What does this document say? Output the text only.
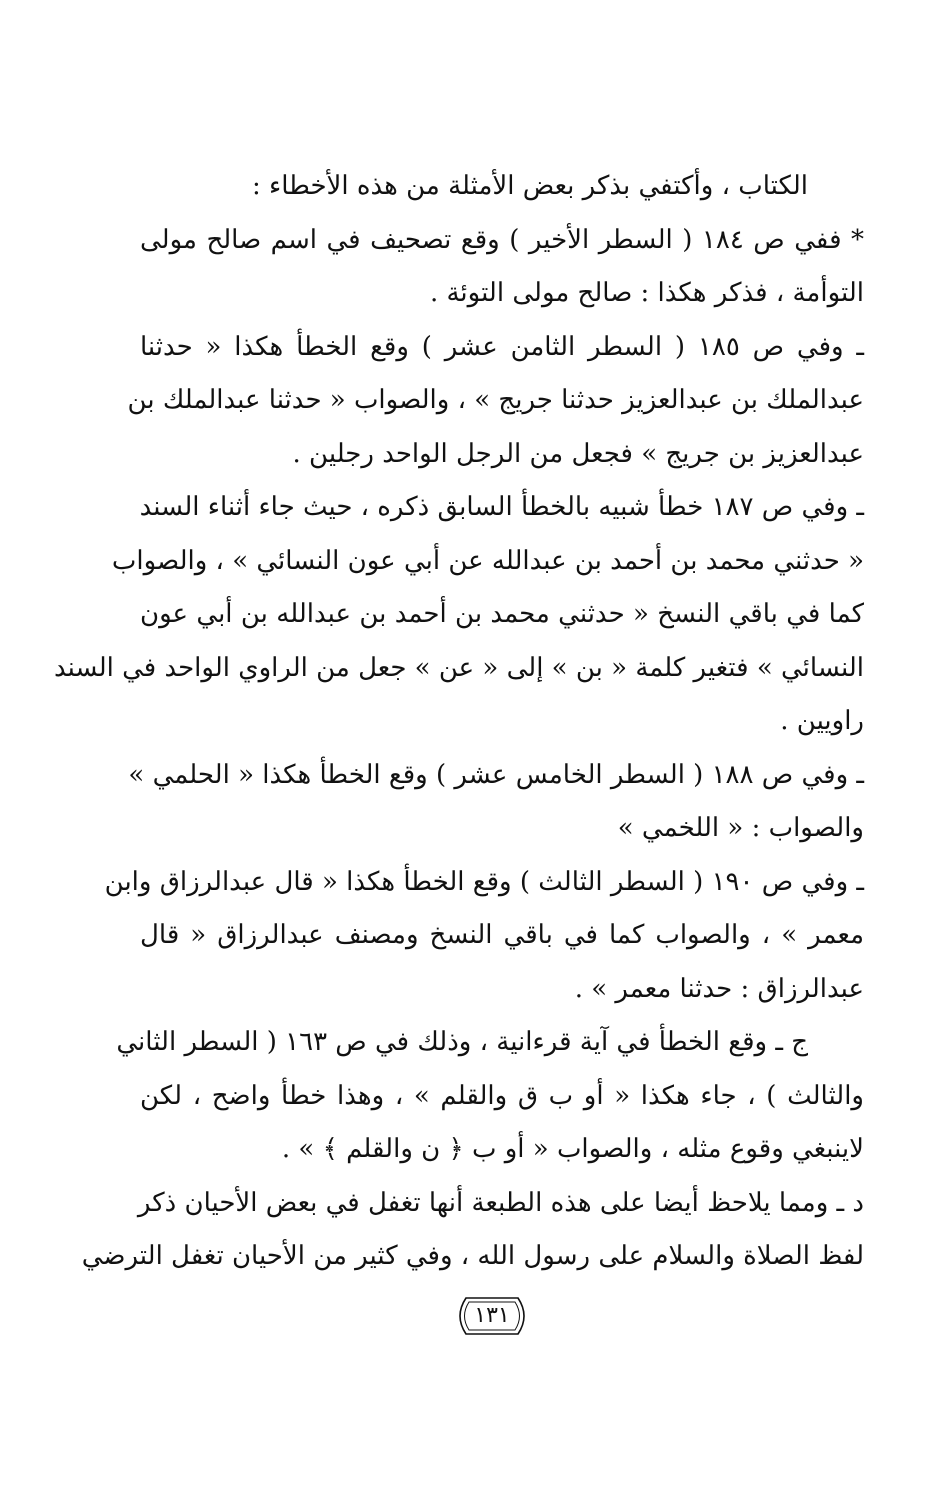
الكتاب ، وأكتفي بذكر بعض الأمثلة من هذه الأخطاء :
* ففي ص ١٨٤ ( السطر الأخير ) وقع تصحيف في اسم صالح مولى
التوأمة ، فذكر هكذا : صالح مولى التوئة .
ـ وفي ص ١٨٥ ( السطر الثامن عشر ) وقع الخطأ هكذا « حدثنا
عبدالملك بن عبدالعزيز حدثنا جريج » ، والصواب « حدثنا عبدالملك بن
عبدالعزيز بن جريج » فجعل من الرجل الواحد رجلين .
ـ وفي ص ١٨٧ خطأ شبيه بالخطأ السابق ذكره ، حيث جاء أثناء السند
« حدثني محمد بن أحمد بن عبدالله عن أبي عون النسائي » ، والصواب
كما في باقي النسخ « حدثني محمد بن أحمد بن عبدالله بن أبي عون
النسائي » فتغير كلمة « بن » إلى « عن » جعل من الراوي الواحد في السند
راويين .
ـ وفي ص ١٨٨ ( السطر الخامس عشر ) وقع الخطأ هكذا « الحلمي »
والصواب : « اللخمي »
ـ وفي ص ١٩٠ ( السطر الثالث ) وقع الخطأ هكذا « قال عبدالرزاق وابن
معمر » ، والصواب كما في باقي النسخ ومصنف عبدالرزاق « قال
عبدالرزاق : حدثنا معمر » .
ج ـ وقع الخطأ في آية قرءانية ، وذلك في ص ١٦٣ ( السطر الثاني
والثالث ) ، جاء هكذا « أو ب ق والقلم » ، وهذا خطأ واضح ، لكن
لاينبغي وقوع مثله ، والصواب « أو ب ﴿ ن والقلم ﴾ » .
د ـ ومما يلاحظ أيضا على هذه الطبعة أنها تغفل في بعض الأحيان ذكر
لفظ الصلاة والسلام على رسول الله ، وفي كثير من الأحيان تغفل الترضي
١٣١
